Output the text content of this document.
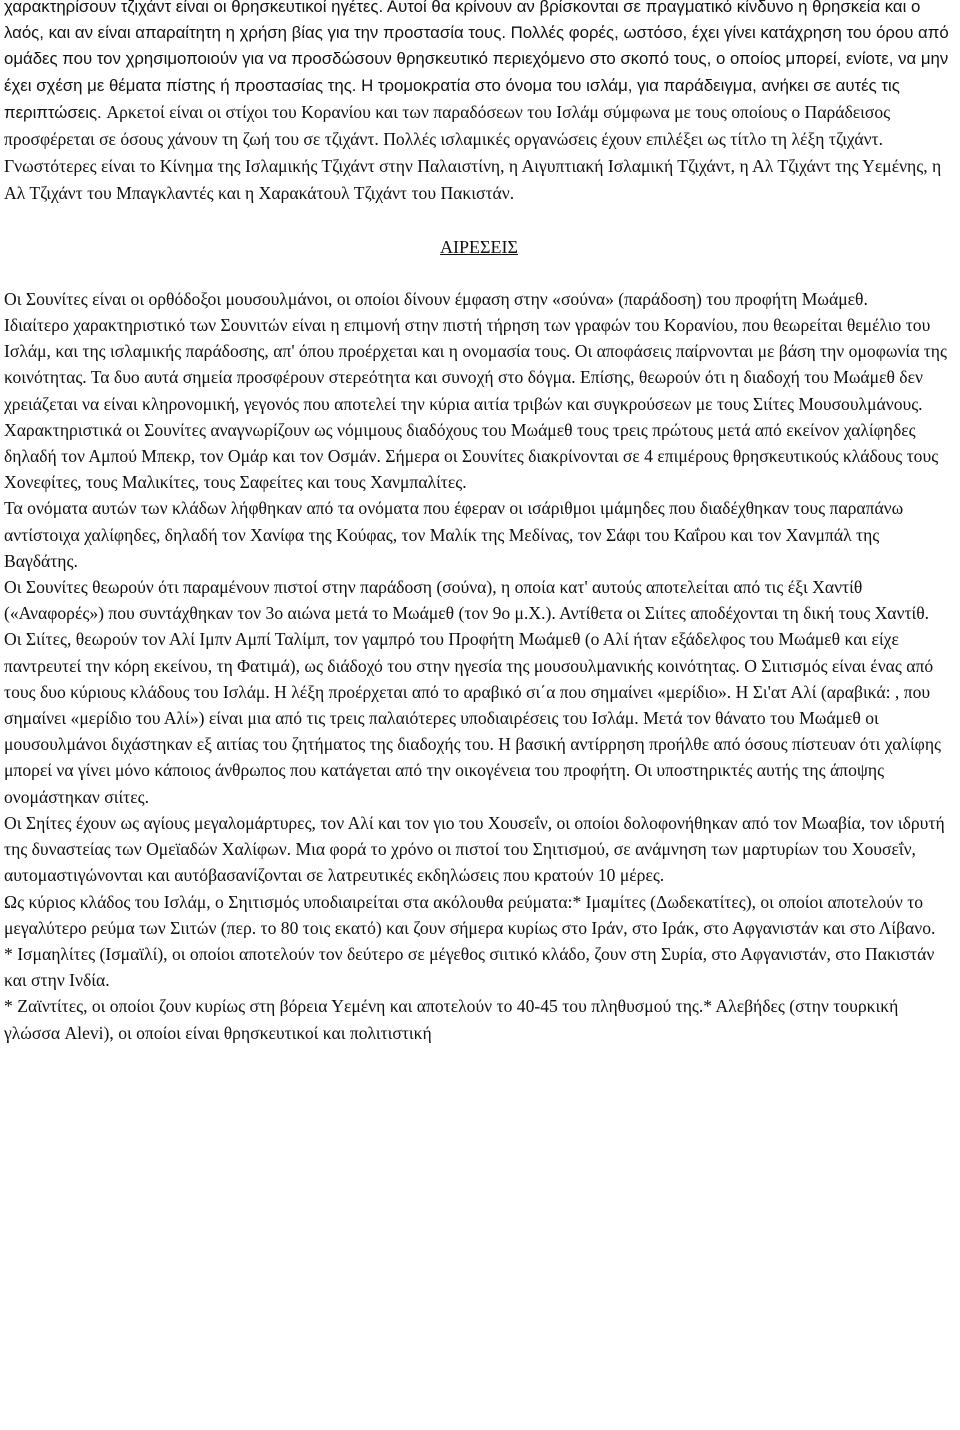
χαρακτηρίσουν τζιχάντ είναι οι θρησκευτικοί ηγέτες. Αυτοί θα κρίνουν αν βρίσκονται σε πραγματικό κίνδυνο η θρησκεία και ο λαός, και αν είναι απαραίτητη η χρήση βίας για την προστασία τους. Πολλές φορές, ωστόσο, έχει γίνει κατάχρηση του όρου από ομάδες που τον χρησιμοποιούν για να προσδώσουν θρησκευτικό περιεχόμενο στο σκοπό τους, ο οποίος μπορεί, ενίοτε, να μην έχει σχέση με θέματα πίστης ή προστασίας της. Η τρομοκρατία στο όνομα του ισλάμ, για παράδειγμα, ανήκει σε αυτές τις περιπτώσεις. Αρκετοί είναι οι στίχοι του Κορανίου και των παραδόσεων του Ισλάμ σύμφωνα με τους οποίους ο Παράδεισος προσφέρεται σε όσους χάνουν τη ζωή του σε τζιχάντ. Πολλές ισλαμικές οργανώσεις έχουν επιλέξει ως τίτλο τη λέξη τζιχάντ. Γνωστότερες είναι το Κίνημα της Ισλαμικής Τζιχάντ στην Παλαιστίνη, η Αιγυπτιακή Ισλαμική Τζιχάντ, η Αλ Τζιχάντ της Υεμένης, η Αλ Τζιχάντ του Μπαγκλαντές και η Χαρακάτουλ Τζιχάντ του Πακιστάν.

ΑΙΡΕΣΕΙΣ

Οι Σουνίτες είναι οι ορθόδοξοι μουσουλμάνοι, οι οποίοι δίνουν έμφαση στην «σούνα» (παράδοση) του προφήτη Μωάμεθ.

Ιδιαίτερο χαρακτηριστικό των Σουνιτών είναι η επιμονή στην πιστή τήρηση των γραφών του Κορανίου, που θεωρείται θεμέλιο του Ισλάμ, και της ισλαμικής παράδοσης, απ' όπου προέρχεται και η ονομασία τους. Οι αποφάσεις παίρνονται με βάση την ομοφωνία της κοινότητας. Τα δυο αυτά σημεία προσφέρουν στερεότητα και συνοχή στο δόγμα. Επίσης, θεωρούν ότι η διαδοχή του Μωάμεθ δεν χρειάζεται να είναι κληρονομική, γεγονός που αποτελεί την κύρια αιτία τριβών και συγκρούσεων με τους Σιίτες Μουσουλμάνους.

Χαρακτηριστικά οι Σουνίτες αναγνωρίζουν ως νόμιμους διαδόχους του Μωάμεθ τους τρεις πρώτους μετά από εκείνον χαλίφηδες δηλαδή τον Αμπού Μπεκρ, τον Ομάρ και τον Οσμάν. Σήμερα οι Σουνίτες διακρίνονται σε 4 επιμέρους θρησκευτικούς κλάδους τους Χονεφίτες, τους Μαλικίτες, τους Σαφείτες και τους Χανμπαλίτες.

Τα ονόματα αυτών των κλάδων λήφθηκαν από τα ονόματα που έφεραν οι ισάριθμοι ιμάμηδες που διαδέχθηκαν τους παραπάνω αντίστοιχα χαλίφηδες, δηλαδή τον Χανίφα της Κούφας, τον Μαλίκ της Μεδίνας, τον Σάφι του Καΐρου και τον Χανμπάλ της Βαγδάτης.

Οι Σουνίτες θεωρούν ότι παραμένουν πιστοί στην παράδοση (σούνα), η οποία κατ' αυτούς αποτελείται από τις έξι Χαντίθ («Αναφορές») που συντάχθηκαν τον 3ο αιώνα μετά το Μωάμεθ (τον 9ο μ.Χ.). Αντίθετα οι Σιίτες αποδέχονται τη δική τους Χαντίθ.

Οι Σιίτες, θεωρούν τον Αλί Ιμπν Αμπί Ταλίμπ, τον γαμπρό του Προφήτη Μωάμεθ (ο Αλί ήταν εξάδελφος του Μωάμεθ και είχε παντρευτεί την κόρη εκείνου, τη Φατιμά), ως διάδοχό του στην ηγεσία της μουσουλμανικής κοινότητας. Ο Σιιτισμός είναι ένας από τους δυο κύριους κλάδους του Ισλάμ. Η λέξη προέρχεται από το αραβικό σι΄α που σημαίνει «μερίδιο». Η Σι'ατ Αλί (αραβικά: , που σημαίνει «μερίδιο του Αλί») είναι μια από τις τρεις παλαιότερες υποδιαιρέσεις του Ισλάμ. Μετά τον θάνατο του Μωάμεθ οι μουσουλμάνοι διχάστηκαν εξ αιτίας του ζητήματος της διαδοχής του. Η βασική αντίρρηση προήλθε από όσους πίστευαν ότι χαλίφης μπορεί να γίνει μόνο κάποιος άνθρωπος που κατάγεται από την οικογένεια του προφήτη. Οι υποστηρικτές αυτής της άποψης ονομάστηκαν σιίτες.

Οι Σηίτες έχουν ως αγίους μεγαλομάρτυρες, τον Αλί και τον γιο του Χουσεΐν, οι οποίοι δολοφονήθηκαν από τον Μωαβία, τον ιδρυτή της δυναστείας των Ομεϊαδών Χαλίφων. Μια φορά το χρόνο οι πιστοί του Σηιτισμού, σε ανάμνηση των μαρτυρίων του Χουσεΐν, αυτομαστιγώνονται και αυτόβασανίζονται σε λατρευτικές εκδηλώσεις που κρατούν 10 μέρες.

Ως κύριος κλάδος του Ισλάμ, ο Σηιτισμός υποδιαιρείται στα ακόλουθα ρεύματα:* Ιμαμίτες (Δωδεκατίτες), οι οποίοι αποτελούν το μεγαλύτερο ρεύμα των Σιιτών (περ. το 80 τοις εκατό) και ζουν σήμερα κυρίως στο Ιράν, στο Ιράκ, στο Αφγανιστάν και στο Λίβανο.

* Ισμαηλίτες (Ισμαϊλί), οι οποίοι αποτελούν τον δεύτερο σε μέγεθος σιιτικό κλάδο, ζουν στη Συρία, στο Αφγανιστάν, στο Πακιστάν και στην Ινδία.

* Ζαϊντίτες, οι οποίοι ζουν κυρίως στη βόρεια Υεμένη και αποτελούν το 40-45 του πληθυσμού της.* Αλεβήδες (στην τουρκική γλώσσα Alevi), οι οποίοι είναι θρησκευτικοί και πολιτιστική
